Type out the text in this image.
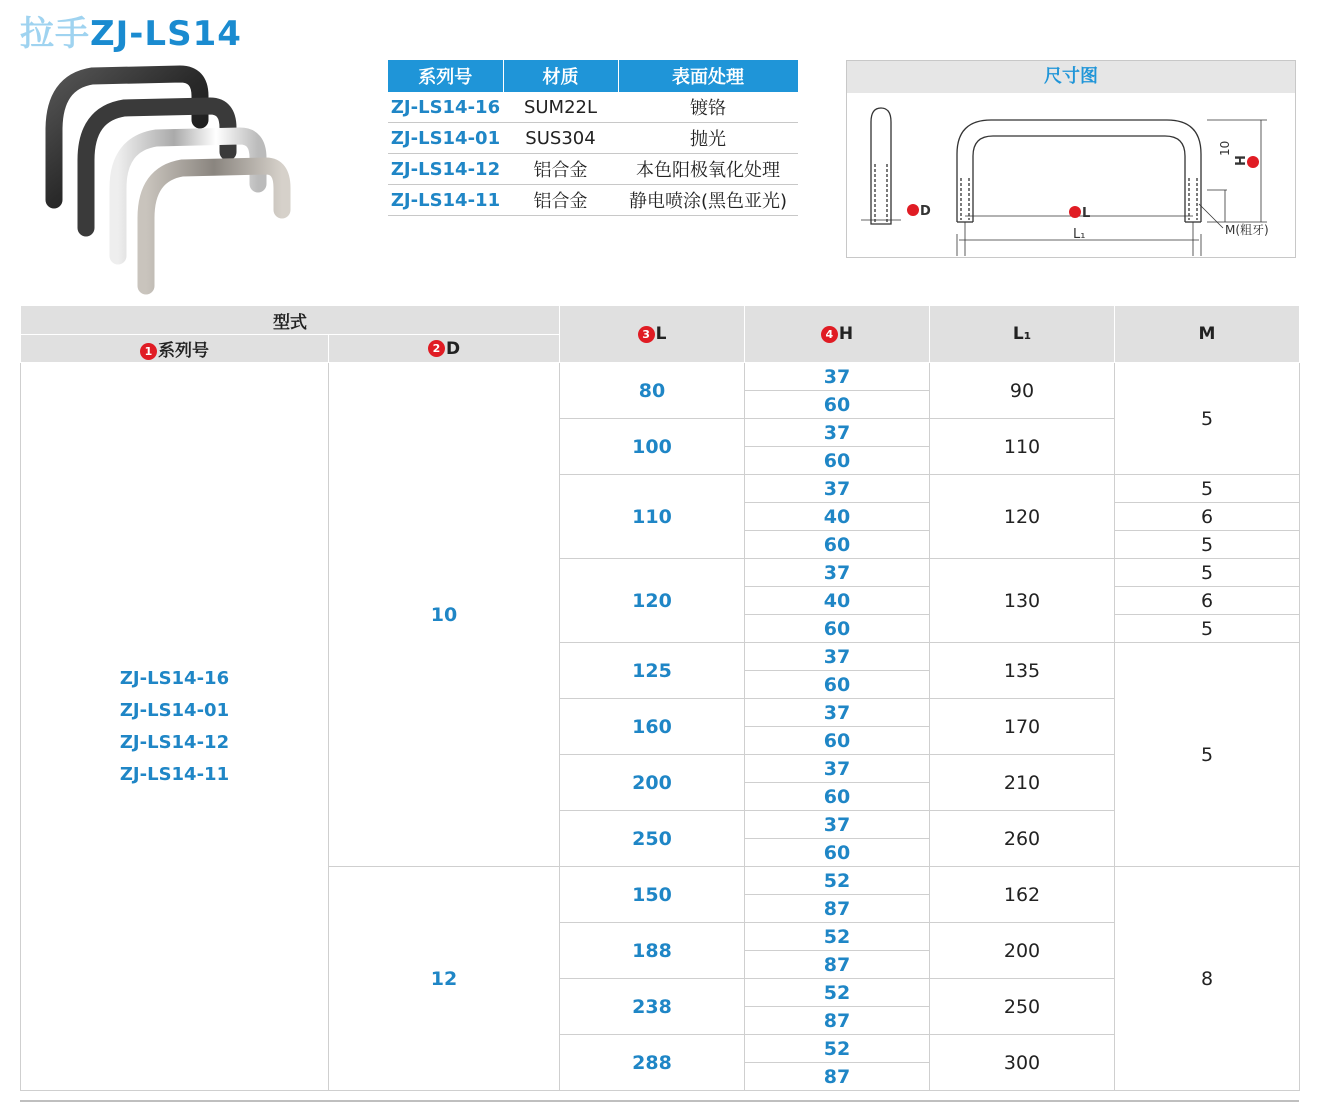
拉手ZJ-LS14
系列号	材质	表面处理
ZJ-LS14-16	SUM22L	镀铬
ZJ-LS14-01	SUS304	抛光
ZJ-LS14-12	铝合金	本色阳极氧化处理
ZJ-LS14-11	铝合金	静电喷涂(黑色亚光)
尺寸图
D	L
L₁
H
10
M(粗牙)
型式		3 L	4 H	L₁	M
1 系列号	2 D				

ZJ-LS14-16
ZJ-LS14-01
ZJ-LS14-12
ZJ-LS14-11	10	80	37	90	5
			60		
		100	37	110	
			60		
		110	37	120	5
			40		6
			60		5
		120	37	130	5
			40		6
			60		5
		125	37	135	5
			60		
		160	37	170	
			60		
		200	37	210	
			60		
		250	37	260	
			60		
	12	150	52	162	8
			87		
		188	52	200	
			87		
		238	52	250	
			87		
		288	52	300	
			87		
